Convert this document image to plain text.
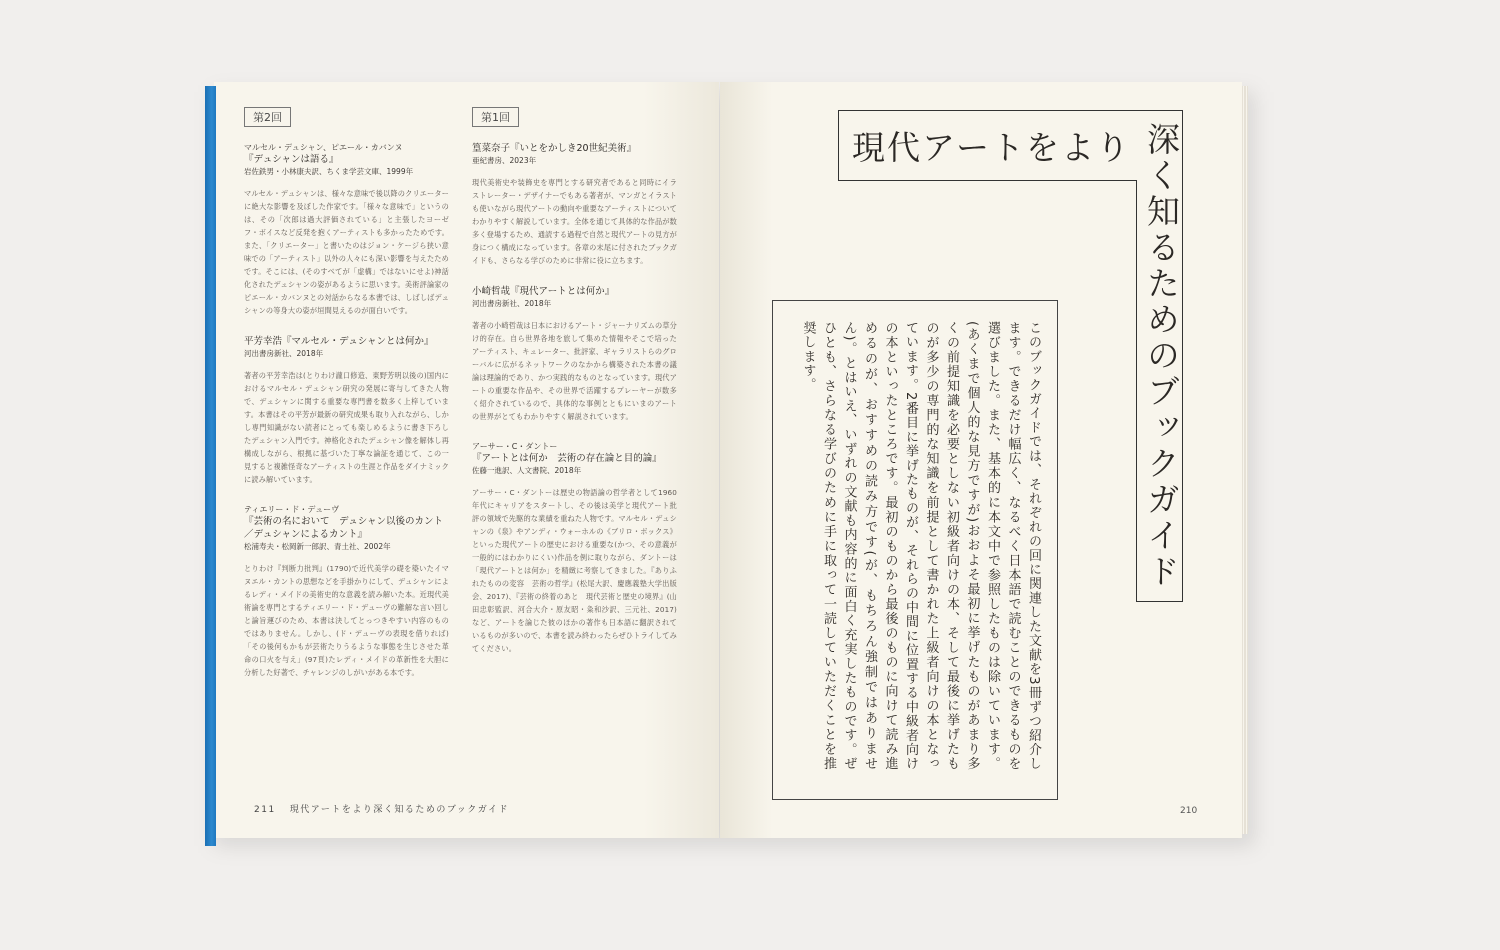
第2回
マルセル・デュシャン、ピエール・カバンヌ
『デュシャンは語る』
岩佐鉄男・小林康夫訳、ちくま学芸文庫、1999年
マルセル・デュシャンは、様々な意味で後以降のクリエーターに絶大な影響を及ぼした作家です。「様々な意味で」というのは、その「次郎は過大評価されている」と主張したヨーゼフ・ボイスなど反発を抱くアーティストも多かったためです。また、「クリエーター」と書いたのはジョン・ケージら狭い意味での「アーティスト」以外の人々にも深い影響を与えたためです。そこには、(そのすべてが「虚構」ではないにせよ)神話化されたデュシャンの姿があるように思います。美術評論家のピエール・カバンヌとの対話からなる本書では、しばしばデュシャンの等身大の姿が垣間見えるのが面白いです。
平芳幸浩『マルセル・デュシャンとは何か』
河出書房新社、2018年
著者の平芳幸浩は(とりわけ瀧口修造、東野芳明以後の)国内におけるマルセル・デュシャン研究の発展に寄与してきた人物で、デュシャンに関する重要な専門書を数多く上梓しています。本書はその平芳が最新の研究成果も取り入れながら、しかし専門知識がない読者にとっても楽しめるように書き下ろしたデュシャン入門です。神格化されたデュシャン像を解体し再構成しながら、根拠に基づいた丁寧な論証を通じて、この一見すると複雑怪奇なアーティストの生涯と作品をダイナミックに読み解いています。
ティエリー・ド・デューヴ
『芸術の名において　デュシャン以後のカント／デュシャンによるカント』
松浦寿夫・松岡新一郎訳、青土社、2002年
とりわけ『判断力批判』(1790)で近代美学の礎を築いたイマヌエル・カントの思想などを手掛かりにして、デュシャンによるレディ・メイドの美術史的な意義を読み解いた本。近現代美術論を専門とするティエリー・ド・デューヴの難解な言い回しと論旨運びのため、本書は決してとっつきやすい内容のものではありません。しかし、(ド・デューヴの表現を借りれば)「その後何もかもが芸術たりうるような事態を生じさせた革命の口火を与え」(97頁)たレディ・メイドの革新性を大胆に分析した好著で、チャレンジのしがいがある本です。
第1回
篁菜奈子『いとをかしき20世紀美術』
亜紀書房、2023年
現代美術史や装飾史を専門とする研究者であると同時にイラストレーター・デザイナーでもある著者が、マンガとイラストも使いながら現代アートの動向や重要なアーティストについてわかりやすく解説しています。全体を通じて具体的な作品が数多く登場するため、通読する過程で自然と現代アートの見方が身につく構成になっています。各章の末尾に付されたブックガイドも、さらなる学びのために非常に役に立ちます。
小崎哲哉『現代アートとは何か』
河出書房新社、2018年
著者の小崎哲哉は日本におけるアート・ジャーナリズムの草分け的存在。自ら世界各地を旅して集めた情報やそこで培ったアーティスト、キュレーター、批評家、ギャラリストらのグローバルに広がるネットワークのなかから構築された本書の議論は理論的であり、かつ実践的なものとなっています。現代アートの重要な作品や、その世界で活躍するプレーヤーが数多く紹介されているので、具体的な事例とともにいまのアートの世界がとてもわかりやすく解説されています。
アーサー・C・ダントー
『アートとは何か　芸術の存在論と目的論』
佐藤一進訳、人文書院、2018年
アーサー・C・ダントーは歴史の物語論の哲学者として1960年代にキャリアをスタートし、その後は美学と現代アート批評の領域で先駆的な業績を重ねた人物です。マルセル・デュシャンの《泉》やアンディ・ウォーホルの《ブリロ・ボックス》といった現代アートの歴史における重要な(かつ、その意義が一般的にはわかりにくい)作品を例に取りながら、ダントーは「現代アートとは何か」を精緻に考察してきました。『ありふれたものの変容　芸術の哲学』(松尾大訳、慶應義塾大学出版会、2017)、『芸術の終着のあと　現代芸術と歴史の境界』(山田忠彰監訳、河合大介・原友昭・粂和沙訳、三元社、2017)など、アートを論じた彼のほかの著作も日本語に翻訳されているものが多いので、本書を読み終わったらぜひトライしてみてください。
211 現代アートをより深く知るためのブックガイド
現代アートをより 深く知るためのブックガイド
このブックガイドでは、それぞれの回に関連した文献を3冊ずつ紹介します。できるだけ幅広く、なるべく日本語で読むことのできるものを選びました。また、基本的に本文中で参照したものは除いています。(あくまで個人的な見方ですが)おおよそ最初に挙げたものがあまり多くの前提知識を必要としない初級者向けの本、そして最後に挙げたものが多少の専門的な知識を前提として書かれた上級者向けの本となっています。2番目に挙げたものが、それらの中間に位置する中級者向けの本といったところです。最初のものから最後のものに向けて読み進めるのが、おすすめの読み方です(が、もちろん強制ではありません)。とはいえ、いずれの文献も内容的に面白く充実したものです。ぜひとも、さらなる学びのために手に取って一読していただくことを推奨します。
210
